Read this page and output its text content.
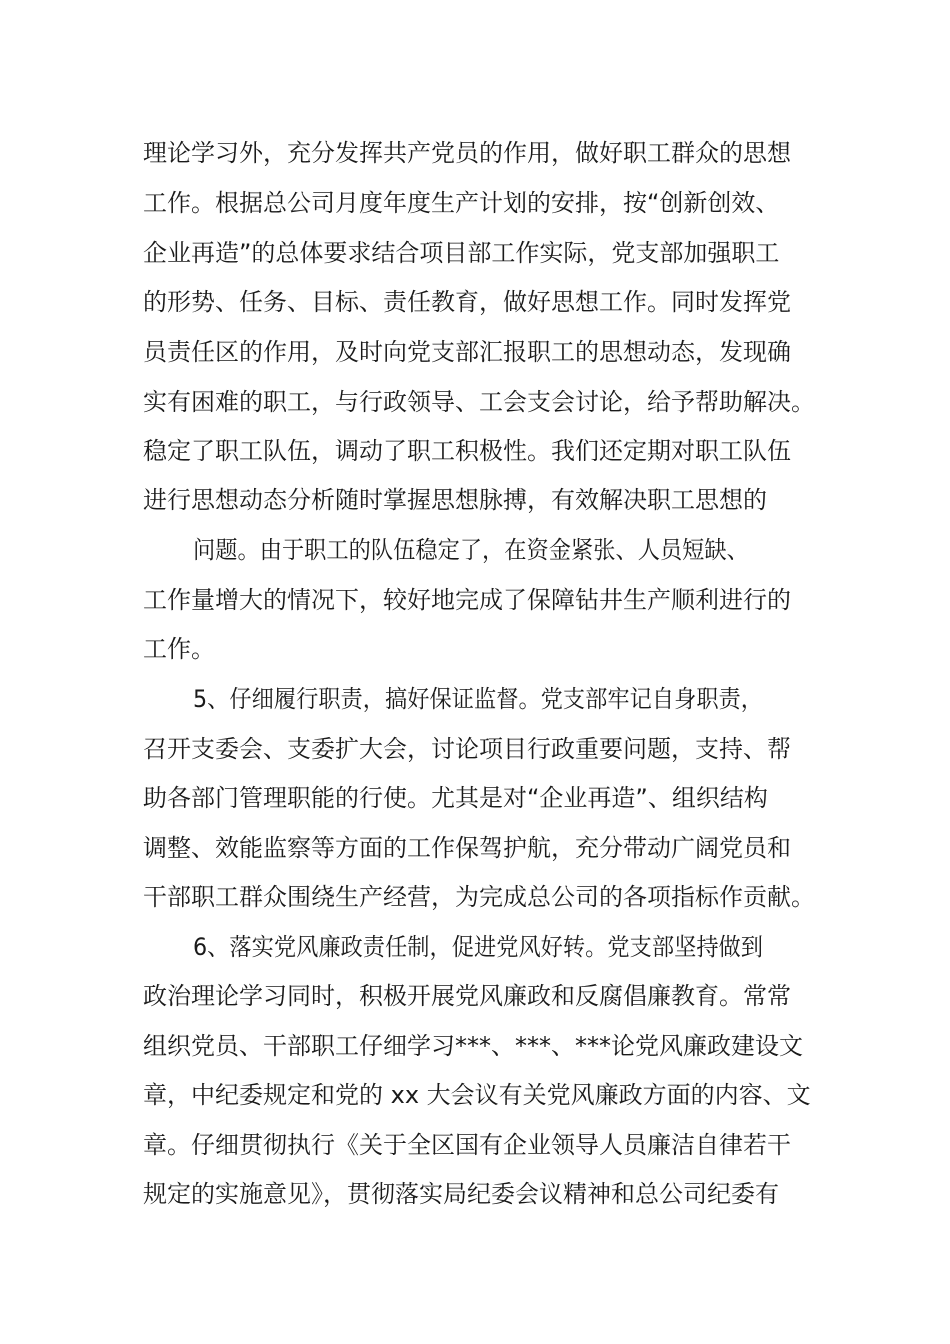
理论学习外，充分发挥共产党员的作用，做好职工群众的思想
工作。根据总公司月度年度生产计划的安排，按“创新创效、
企业再造”的总体要求结合项目部工作实际，党支部加强职工
的形势、任务、目标、责任教育，做好思想工作。同时发挥党
员责任区的作用，及时向党支部汇报职工的思想动态，发现确
实有困难的职工，与行政领导、工会支会讨论，给予帮助解决。
稳定了职工队伍，调动了职工积极性。我们还定期对职工队伍
进行思想动态分析随时掌握思想脉搏，有效解决职工思想的
问题。由于职工的队伍稳定了，在资金紧张、人员短缺、
工作量增大的情况下，较好地完成了保障钻井生产顺利进行的
工作。
5、仔细履行职责，搞好保证监督。党支部牢记自身职责，
召开支委会、支委扩大会，讨论项目行政重要问题，支持、帮
助各部门管理职能的行使。尤其是对“企业再造”、组织结构
调整、效能监察等方面的工作保驾护航，充分带动广阔党员和
干部职工群众围绕生产经营，为完成总公司的各项指标作贡献。
6、落实党风廉政责任制，促进党风好转。党支部坚持做到
政治理论学习同时，积极开展党风廉政和反腐倡廉教育。常常
组织党员、干部职工仔细学习***、***、***论党风廉政建设文
章，中纪委规定和党的 xx 大会议有关党风廉政方面的内容、文
章。仔细贯彻执行《关于全区国有企业领导人员廉洁自律若干
规定的实施意见》，贯彻落实局纪委会议精神和总公司纪委有
